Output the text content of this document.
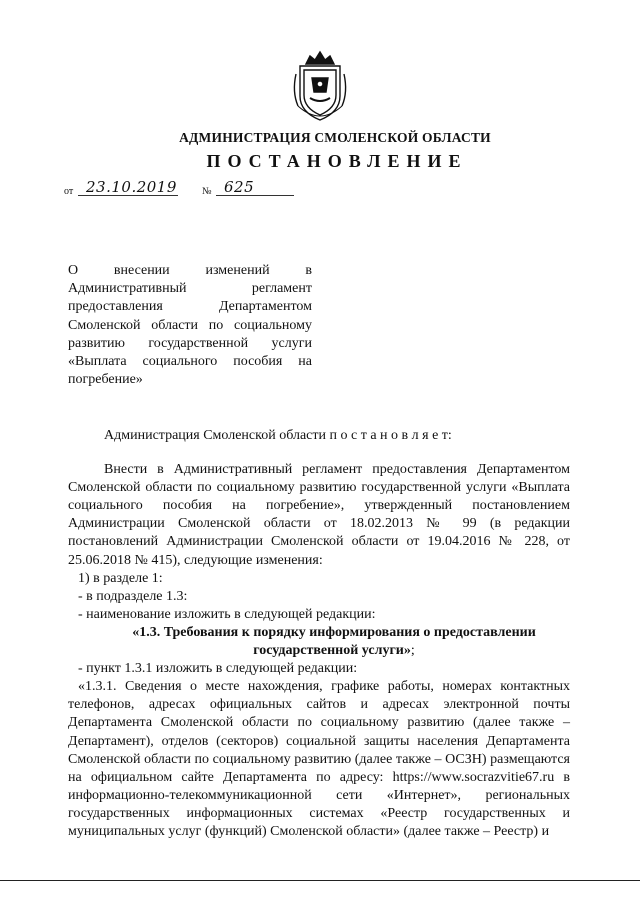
АДМИНИСТРАЦИЯ СМОЛЕНСКОЙ ОБЛАСТИ
ПОСТАНОВЛЕНИЕ
от 23.10.2019	№ 625
О внесении изменений в Административный регламент предоставления Департаментом Смоленской области по социальному развитию государственной услуги «Выплата социального пособия на погребение»

Администрация Смоленской области п о с т а н о в л я е т:

Внести в Административный регламент предоставления Департаментом Смоленской области по социальному развитию государственной услуги «Выплата социального пособия на погребение», утвержденный постановлением Администрации Смоленской области от 18.02.2013 № 99 (в редакции постановлений Администрации Смоленской области от 19.04.2016 № 228, от 25.06.2018 № 415), следующие изменения:

1) в разделе 1:

- в подразделе 1.3:

- наименование изложить в следующей редакции:

«1.3. Требования к порядку информирования о предоставлении

государственной услуги»;

- пункт 1.3.1 изложить в следующей редакции:

«1.3.1. Сведения о месте нахождения, графике работы, номерах контактных телефонов, адресах официальных сайтов и адресах электронной почты Департамента Смоленской области по социальному развитию (далее также – Департамент), отделов (секторов) социальной защиты населения Департамента Смоленской области по социальному развитию (далее также – ОСЗН) размещаются на официальном сайте Департамента по адресу: https://www.socrazvitie67.ru в информационно-телекоммуникационной сети «Интернет», региональных государственных информационных системах «Реестр государственных и муниципальных услуг (функций) Смоленской области» (далее также – Реестр) и
